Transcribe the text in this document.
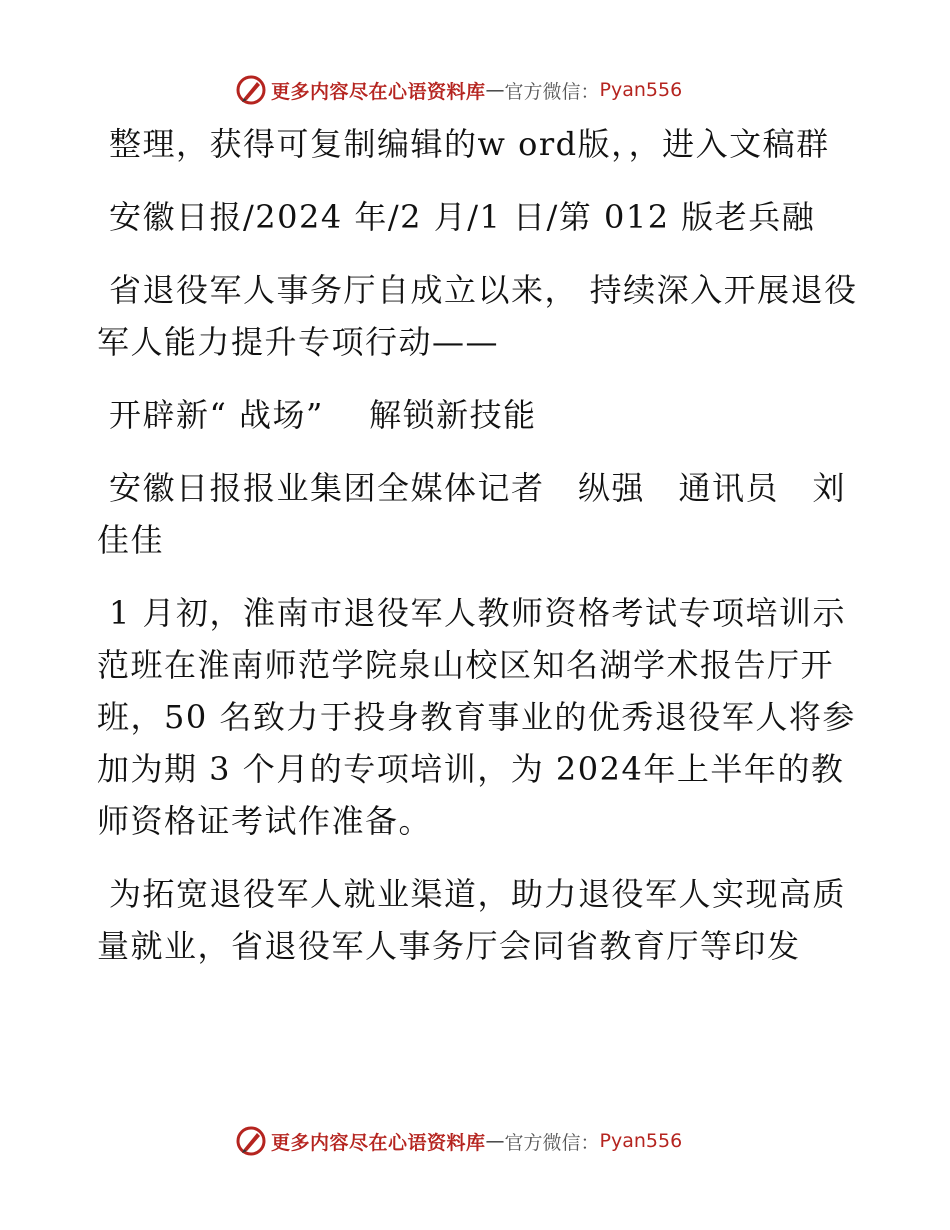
更多内容尽在心语资料库 — 官方微信： Pyan556

整理，获得可复制编辑的w ord版，，进入文稿群

安徽日报/2024 年/2 月/1 日/第 012 版老兵融

省退役军人事务厅自成立以来， 持续深入开展退役军人能力提升专项行动——

开辟新“ 战场”　 解锁新技能

安徽日报报业集团全媒体记者　纵强　通讯员　刘佳佳

1 月初，淮南市退役军人教师资格考试专项培训示范班在淮南师范学院泉山校区知名湖学术报告厅开班，50 名致力于投身教育事业的优秀退役军人将参加为期 3 个月的专项培训，为 2024年上半年的教师资格证考试作准备。

为拓宽退役军人就业渠道，助力退役军人实现高质量就业，省退役军人事务厅会同省教育厅等印发

更多内容尽在心语资料库 — 官方微信： Pyan556
